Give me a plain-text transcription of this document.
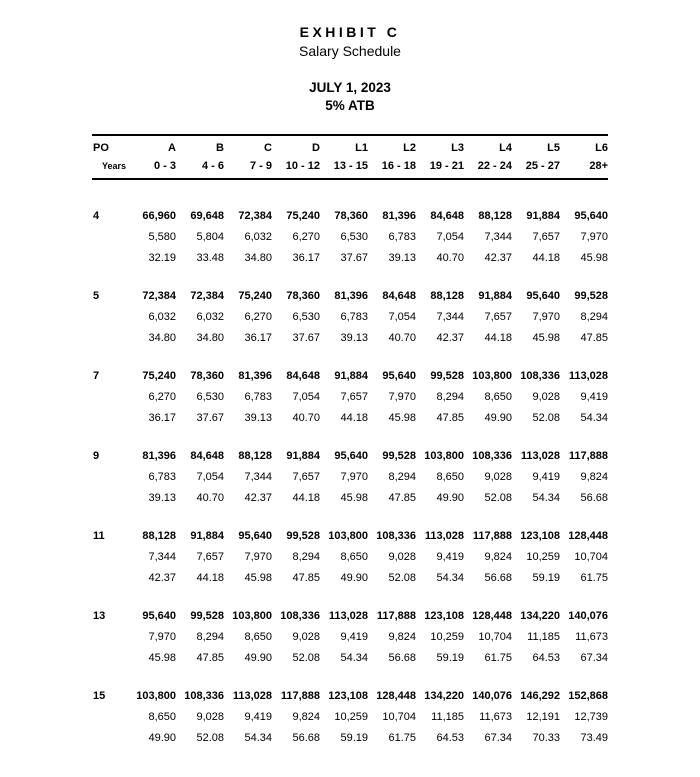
EXHIBIT C
Salary Schedule
JULY 1, 2023
5% ATB
PO	A	B	C	D	L1	L2	L3	L4	L5	L6
Years	0 - 3	4 - 6	7 - 9	10 - 12	13 - 15	16 - 18	19 - 21	22 - 24	25 - 27	28+
4	66,960	69,648	72,384	75,240	78,360	81,396	84,648	88,128	91,884	95,640
	5,580	5,804	6,032	6,270	6,530	6,783	7,054	7,344	7,657	7,970
	32.19	33.48	34.80	36.17	37.67	39.13	40.70	42.37	44.18	45.98
5	72,384	72,384	75,240	78,360	81,396	84,648	88,128	91,884	95,640	99,528
	6,032	6,032	6,270	6,530	6,783	7,054	7,344	7,657	7,970	8,294
	34.80	34.80	36.17	37.67	39.13	40.70	42.37	44.18	45.98	47.85
7	75,240	78,360	81,396	84,648	91,884	95,640	99,528	103,800	108,336	113,028
	6,270	6,530	6,783	7,054	7,657	7,970	8,294	8,650	9,028	9,419
	36.17	37.67	39.13	40.70	44.18	45.98	47.85	49.90	52.08	54.34
9	81,396	84,648	88,128	91,884	95,640	99,528	103,800	108,336	113,028	117,888
	6,783	7,054	7,344	7,657	7,970	8,294	8,650	9,028	9,419	9,824
	39.13	40.70	42.37	44.18	45.98	47.85	49.90	52.08	54.34	56.68
11	88,128	91,884	95,640	99,528	103,800	108,336	113,028	117,888	123,108	128,448
	7,344	7,657	7,970	8,294	8,650	9,028	9,419	9,824	10,259	10,704
	42.37	44.18	45.98	47.85	49.90	52.08	54.34	56.68	59.19	61.75
13	95,640	99,528	103,800	108,336	113,028	117,888	123,108	128,448	134,220	140,076
	7,970	8,294	8,650	9,028	9,419	9,824	10,259	10,704	11,185	11,673
	45.98	47.85	49.90	52.08	54.34	56.68	59.19	61.75	64.53	67.34
15	103,800	108,336	113,028	117,888	123,108	128,448	134,220	140,076	146,292	152,868
	8,650	9,028	9,419	9,824	10,259	10,704	11,185	11,673	12,191	12,739
	49.90	52.08	54.34	56.68	59.19	61.75	64.53	67.34	70.33	73.49
